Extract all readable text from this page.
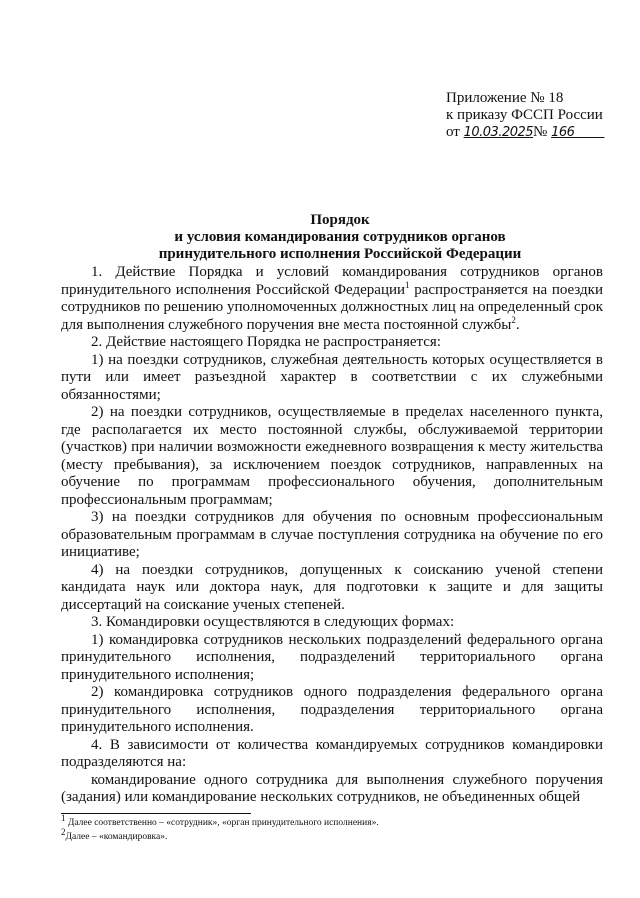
Приложение № 18
к приказу ФССП России
от 10.03.2025№ 166
Порядок
и условия командирования сотрудников органов
принудительного исполнения Российской Федерации

1. Действие Порядка и условий командирования сотрудников органов принудительного исполнения Российской Федерации$^1$ распространяется на поездки сотрудников по решению уполномоченных должностных лиц на определенный срок для выполнения служебного поручения вне места постоянной службы$^2$.

2. Действие настоящего Порядка не распространяется:

1) на поездки сотрудников, служебная деятельность которых осуществляется в пути или имеет разъездной характер в соответствии с их служебными обязанностями;

2) на поездки сотрудников, осуществляемые в пределах населенного пункта, где располагается их место постоянной службы, обслуживаемой территории (участков) при наличии возможности ежедневного возвращения к месту жительства (месту пребывания), за исключением поездок сотрудников, направленных на обучение по программам профессионального обучения, дополнительным профессиональным программам;

3) на поездки сотрудников для обучения по основным профессиональным образовательным программам в случае поступления сотрудника на обучение по его инициативе;

4) на поездки сотрудников, допущенных к соисканию ученой степени кандидата наук или доктора наук, для подготовки к защите и для защиты диссертаций на соискание ученых степеней.

3. Командировки осуществляются в следующих формах:

1) командировка сотрудников нескольких подразделений федерального органа принудительного исполнения, подразделений территориального органа принудительного исполнения;

2) командировка сотрудников одного подразделения федерального органа принудительного исполнения, подразделения территориального органа принудительного исполнения.

4. В зависимости от количества командируемых сотрудников командировки подразделяются на:

командирование одного сотрудника для выполнения служебного поручения (задания) или командирование нескольких сотрудников, не объединенных общей

$^1$ Далее соответственно – «сотрудник», «орган принудительного исполнения».
$^2$Далее – «командировка».
